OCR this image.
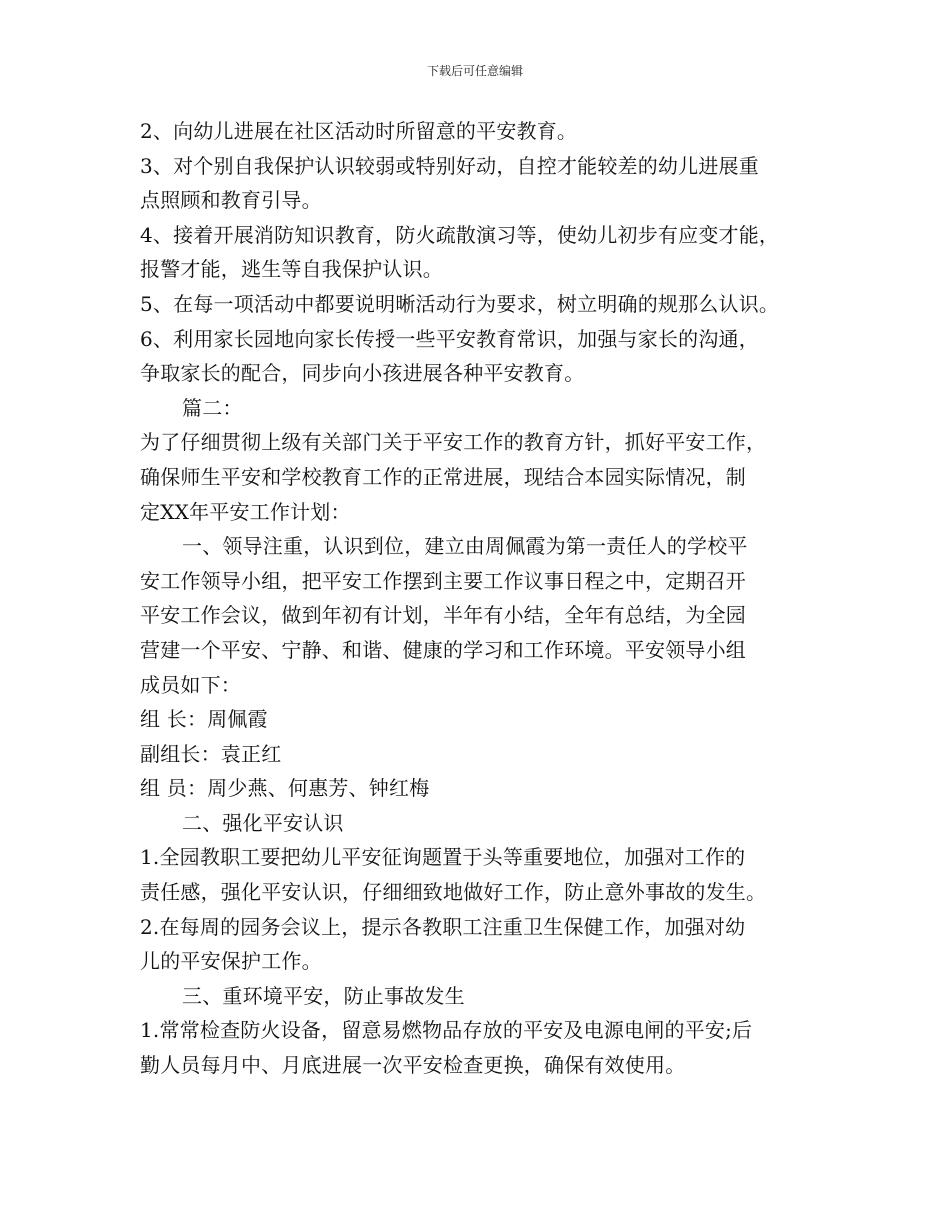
下载后可任意编辑
2、向幼儿进展在社区活动时所留意的平安教育。
3、对个别自我保护认识较弱或特别好动，自控才能较差的幼儿进展重
点照顾和教育引导。
4、接着开展消防知识教育，防火疏散演习等，使幼儿初步有应变才能，
报警才能，逃生等自我保护认识。
5、在每一项活动中都要说明晰活动行为要求，树立明确的规那么认识。
6、利用家长园地向家长传授一些平安教育常识，加强与家长的沟通，
争取家长的配合，同步向小孩进展各种平安教育。
篇二：
为了仔细贯彻上级有关部门关于平安工作的教育方针，抓好平安工作，
确保师生平安和学校教育工作的正常进展，现结合本园实际情况，制
定XX年平安工作计划：
一、领导注重，认识到位，建立由周佩霞为第一责任人的学校平
安工作领导小组，把平安工作摆到主要工作议事日程之中，定期召开
平安工作会议，做到年初有计划，半年有小结，全年有总结，为全园
营建一个平安、宁静、和谐、健康的学习和工作环境。平安领导小组
成员如下：
组 长：周佩霞
副组长：袁正红
组 员：周少燕、何惠芳、钟红梅
二、强化平安认识
1.全园教职工要把幼儿平安征询题置于头等重要地位，加强对工作的
责任感，强化平安认识，仔细细致地做好工作，防止意外事故的发生。
2.在每周的园务会议上，提示各教职工注重卫生保健工作，加强对幼
儿的平安保护工作。
三、重环境平安，防止事故发生
1.常常检查防火设备，留意易燃物品存放的平安及电源电闸的平安;后
勤人员每月中、月底进展一次平安检查更换，确保有效使用。
